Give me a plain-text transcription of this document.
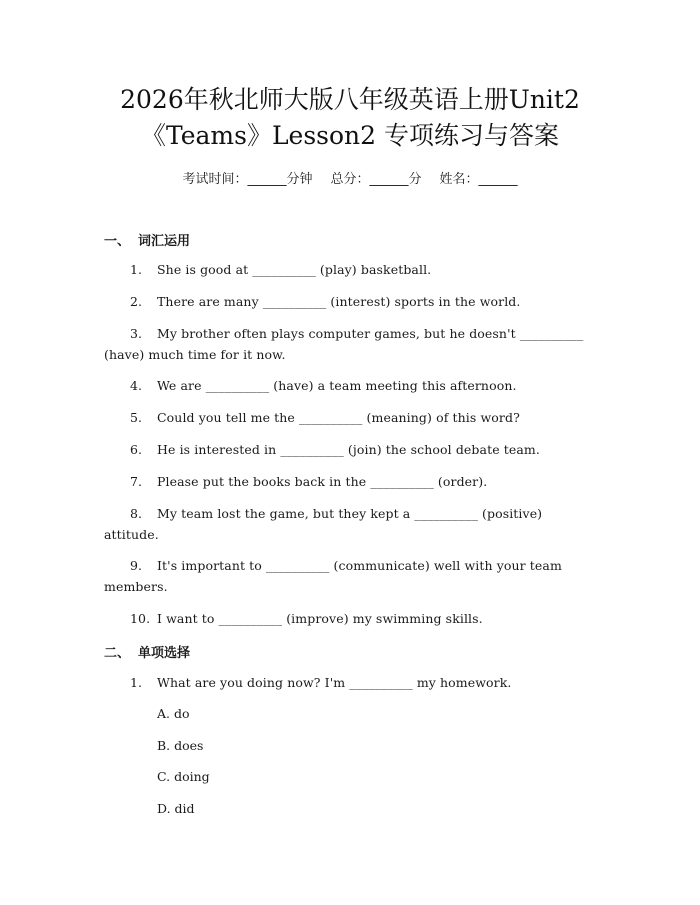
2026年秋北师大版八年级英语上册Unit2
《Teams》Lesson2 专项练习与答案
考试时间：______分钟 总分：______分 姓名：______
一、 词汇运用
1. She is good at __________ (play) basketball.
2. There are many __________ (interest) sports in the world.
3. My brother often plays computer games, but he doesn't __________ (have) much time for it now.
4. We are __________ (have) a team meeting this afternoon.
5. Could you tell me the __________ (meaning) of this word?
6. He is interested in __________ (join) the school debate team.
7. Please put the books back in the __________ (order).
8. My team lost the game, but they kept a __________ (positive) attitude.
9. It's important to __________ (communicate) well with your team members.
10. I want to __________ (improve) my swimming skills.
二、 单项选择
1. What are you doing now? I'm __________ my homework.
A. do
B. does
C. doing
D. did
